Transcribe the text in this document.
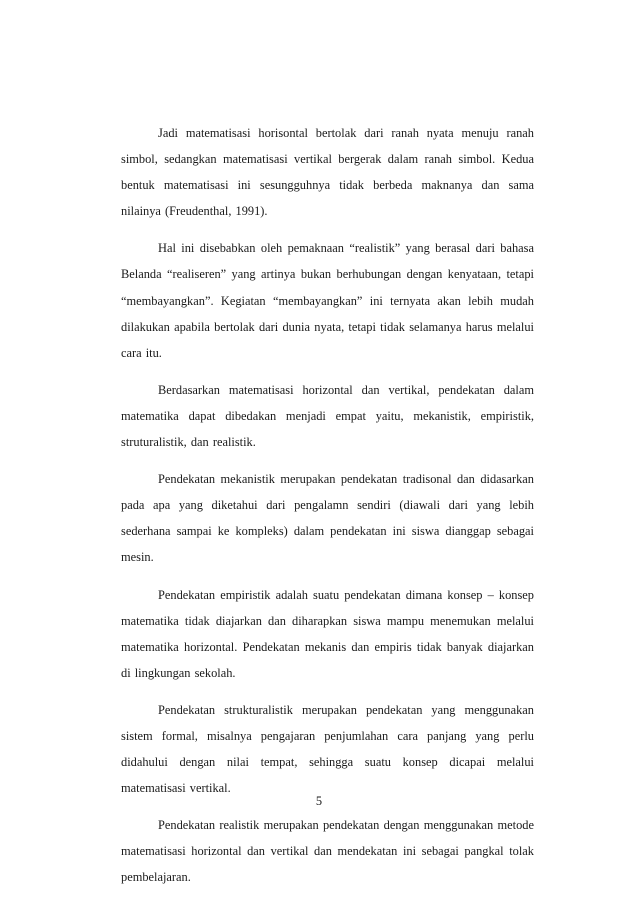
Jadi matematisasi horisontal bertolak dari ranah nyata menuju ranah simbol, sedangkan matematisasi vertikal bergerak dalam ranah simbol. Kedua bentuk matematisasi ini sesungguhnya tidak berbeda maknanya dan sama nilainya (Freudenthal, 1991).

Hal ini disebabkan oleh pemaknaan “realistik” yang berasal dari bahasa Belanda “realiseren” yang artinya bukan berhubungan dengan kenyataan, tetapi “membayangkan”. Kegiatan “membayangkan” ini ternyata akan lebih mudah dilakukan apabila bertolak dari dunia nyata, tetapi tidak selamanya harus melalui cara itu.

Berdasarkan matematisasi horizontal dan vertikal, pendekatan dalam matematika dapat dibedakan menjadi empat yaitu, mekanistik, empiristik, struturalistik, dan realistik.

Pendekatan mekanistik merupakan pendekatan tradisonal dan didasarkan pada apa yang diketahui dari pengalamn sendiri (diawali dari yang lebih sederhana sampai ke kompleks) dalam pendekatan ini siswa dianggap sebagai mesin.

Pendekatan empiristik adalah suatu pendekatan dimana konsep – konsep matematika tidak diajarkan dan diharapkan siswa mampu menemukan melalui matematika horizontal. Pendekatan mekanis dan empiris tidak banyak diajarkan di lingkungan sekolah.

Pendekatan strukturalistik merupakan pendekatan yang menggunakan sistem formal, misalnya pengajaran penjumlahan cara panjang yang perlu didahului dengan nilai tempat, sehingga suatu konsep dicapai melalui matematisasi vertikal.

Pendekatan realistik merupakan pendekatan dengan menggunakan metode matematisasi horizontal dan vertikal dan mendekatan ini sebagai pangkal tolak pembelajaran.

5
